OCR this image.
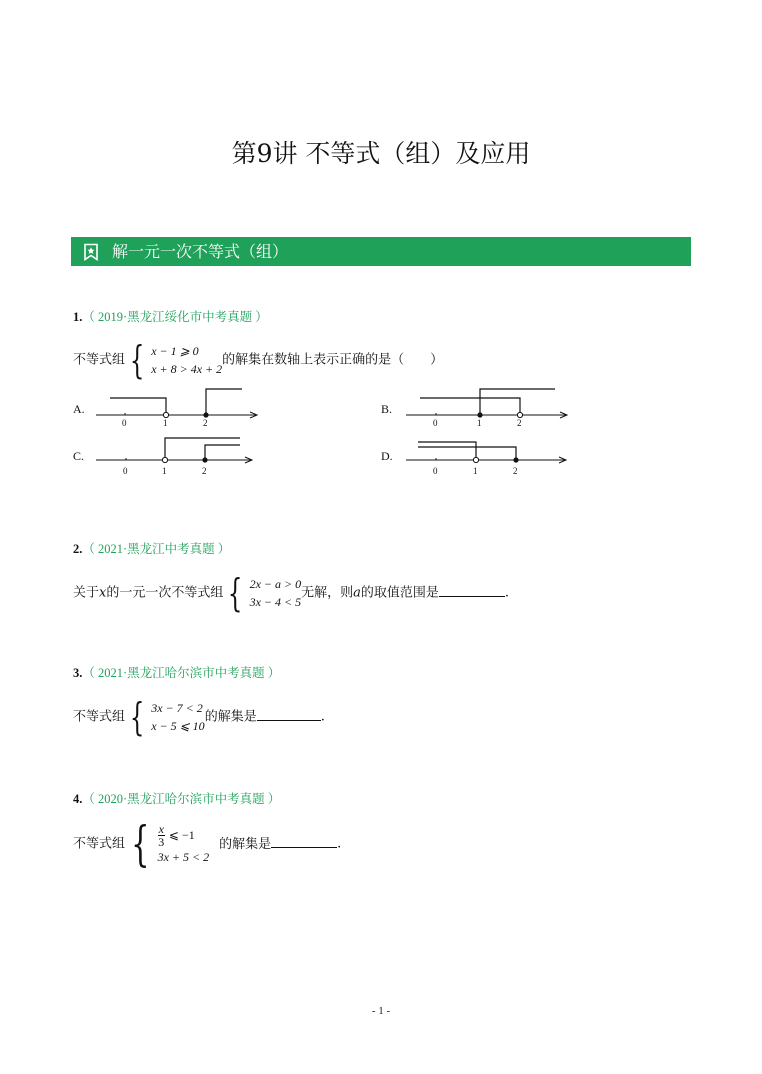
第9讲 不等式（组）及应用
解一元一次不等式（组）
1.（ 2019·黑龙江绥化市中考真题 ）
不等式组 { x − 1 ⩾ 0
x + 8 > 4x + 2
的解集在数轴上表示正确的是（　　）
A.
0	1	2
B.
0	1	2
C.
0	1	2
D.
0	1	2
2.（ 2021·黑龙江中考真题 ）
关于x的一元一次不等式组 { 2x − a > 0
3x − 4 < 5
无解，则a的取值范围是	.
3.（ 2021·黑龙江哈尔滨市中考真题 ）
不等式组 { 3x − 7 < 2
x − 5 ⩽ 10
的解集是	.
4.（ 2020·黑龙江哈尔滨市中考真题 ）
不等式组 { $\frac{x}{3}$ ⩽ −1
3x + 5 < 2
的解集是	.
- 1 -
